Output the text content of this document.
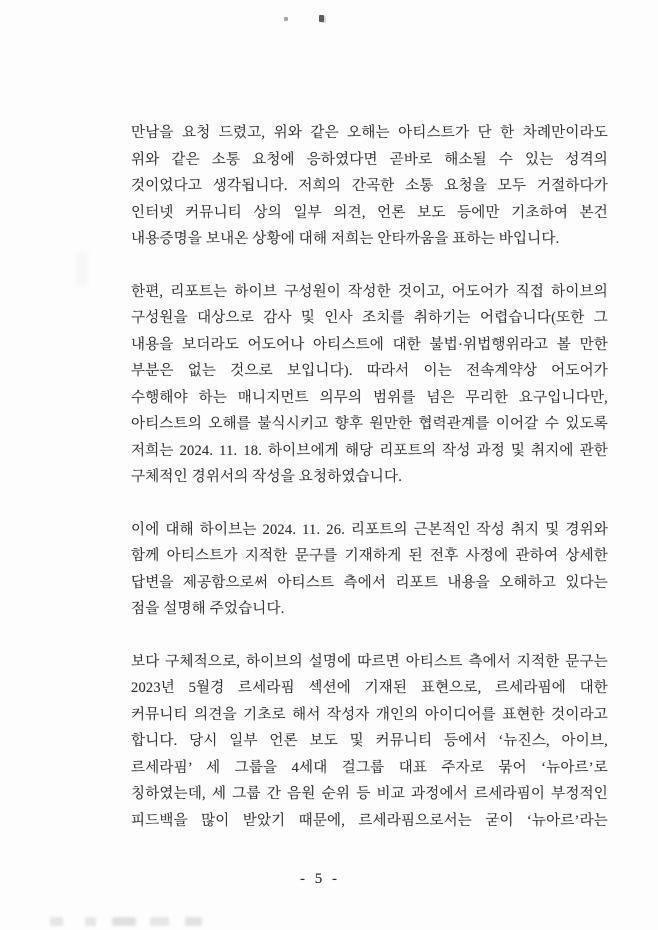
만남을 요청 드렸고, 위와 같은 오해는 아티스트가 단 한 차례만이라도
위와 같은 소통 요청에 응하였다면 곧바로 해소될 수 있는 성격의
것이었다고 생각됩니다. 저희의 간곡한 소통 요청을 모두 거절하다가
인터넷 커뮤니티 상의 일부 의견, 언론 보도 등에만 기초하여 본건
내용증명을 보내온 상황에 대해 저희는 안타까움을 표하는 바입니다.

한편, 리포트는 하이브 구성원이 작성한 것이고, 어도어가 직접 하이브의
구성원을 대상으로 감사 및 인사 조치를 취하기는 어렵습니다(또한 그
내용을 보더라도 어도어나 아티스트에 대한 불법·위법행위라고 볼 만한
부분은 없는 것으로 보입니다). 따라서 이는 전속계약상 어도어가
수행해야 하는 매니지먼트 의무의 범위를 넘은 무리한 요구입니다만,
아티스트의 오해를 불식시키고 향후 원만한 협력관계를 이어갈 수 있도록
저희는 2024. 11. 18. 하이브에게 해당 리포트의 작성 과정 및 취지에 관한
구체적인 경위서의 작성을 요청하였습니다.

이에 대해 하이브는 2024. 11. 26. 리포트의 근본적인 작성 취지 및 경위와
함께 아티스트가 지적한 문구를 기재하게 된 전후 사정에 관하여 상세한
답변을 제공함으로써 아티스트 측에서 리포트 내용을 오해하고 있다는
점을 설명해 주었습니다.

보다 구체적으로, 하이브의 설명에 따르면 아티스트 측에서 지적한 문구는
2023년 5월경 르세라핌 섹션에 기재된 표현으로, 르세라핌에 대한
커뮤니티 의견을 기초로 해서 작성자 개인의 아이디어를 표현한 것이라고
합니다. 당시 일부 언론 보도 및 커뮤니티 등에서 ‘뉴진스, 아이브,
르세라핌’ 세 그룹을 4세대 걸그룹 대표 주자로 묶어 ‘뉴아르’로
칭하였는데, 세 그룹 간 음원 순위 등 비교 과정에서 르세라핌이 부정적인
피드백을 많이 받았기 때문에, 르세라핌으로서는 굳이 ‘뉴아르’라는

- 5 -
